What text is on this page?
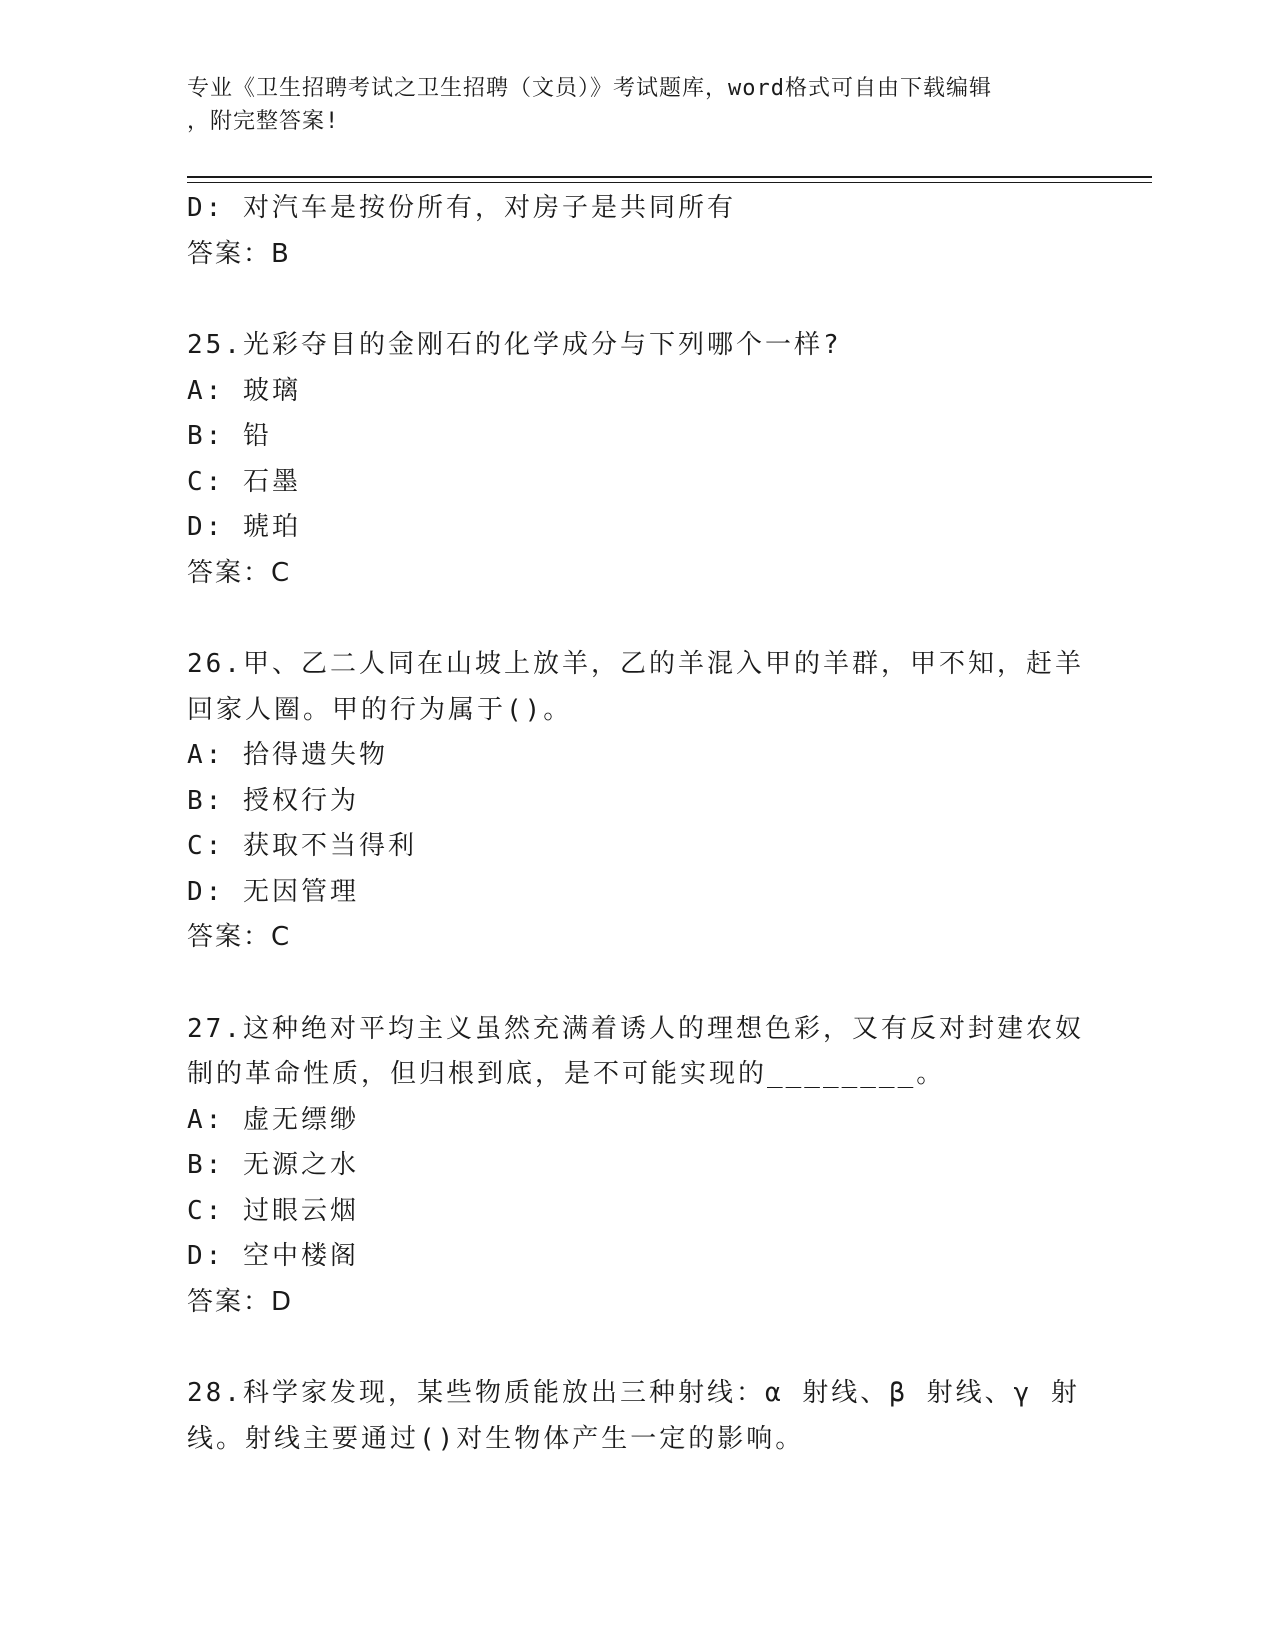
专业《卫生招聘考试之卫生招聘（文员）》考试题库，word格式可自由下载编辑
，附完整答案!
D: 对汽车是按份所有，对房子是共同所有
答案：B
25.光彩夺目的金刚石的化学成分与下列哪个一样?
A: 玻璃
B: 铅
C: 石墨
D: 琥珀
答案：C
26.甲、乙二人同在山坡上放羊，乙的羊混入甲的羊群，甲不知，赶羊
回家人圈。甲的行为属于()。
A: 拾得遗失物
B: 授权行为
C: 获取不当得利
D: 无因管理
答案：C
27.这种绝对平均主义虽然充满着诱人的理想色彩，又有反对封建农奴
制的革命性质，但归根到底，是不可能实现的________。
A: 虚无缥缈
B: 无源之水
C: 过眼云烟
D: 空中楼阁
答案：D
28.科学家发现，某些物质能放出三种射线：α 射线、β 射线、γ 射
线。射线主要通过()对生物体产生一定的影响。
